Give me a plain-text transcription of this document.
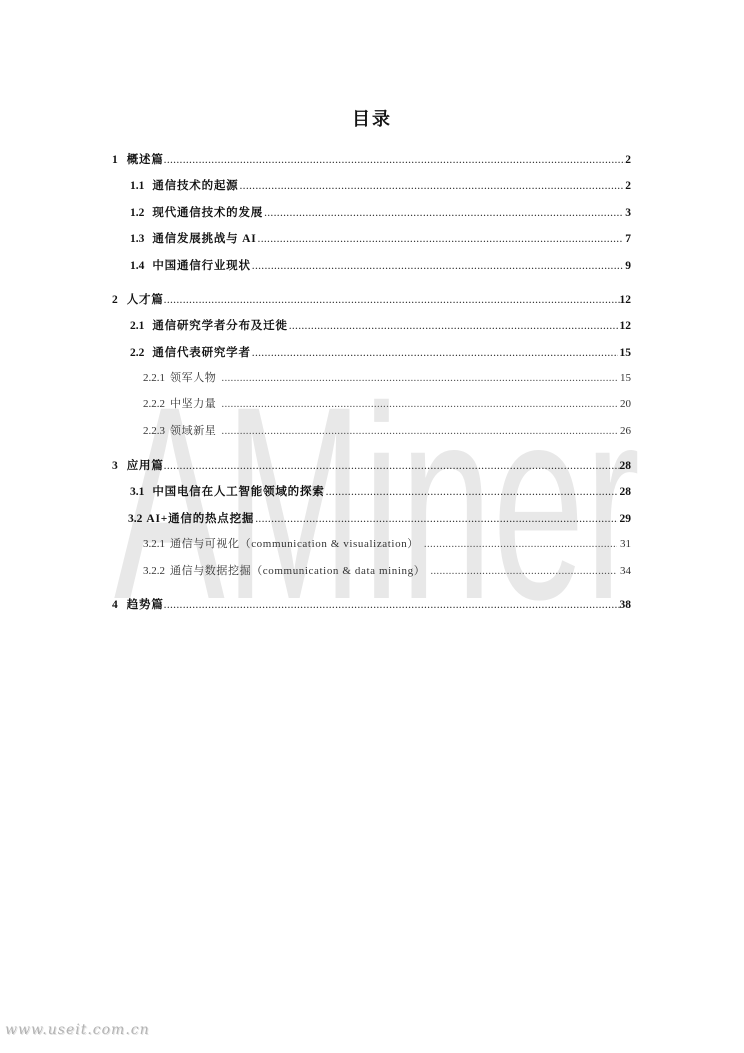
AMiner
目录
1 概述篇 .....	2
1.1 通信技术的起源 .....	2
1.2 现代通信技术的发展 .....	3
1.3 通信发展挑战与 AI .....	7
1.4 中国通信行业现状 .....	9
2 人才篇 .....	12
2.1 通信研究学者分布及迁徙 .....	12
2.2 通信代表研究学者 .....	15
2.2.1 领军人物 .....	15
2.2.2 中坚力量 .....	20
2.2.3 领域新星 .....	26
3 应用篇 .....	28
3.1 中国电信在人工智能领域的探索 .....	28
3.2 AI+通信的热点挖掘 .....	29
3.2.1 通信与可视化（communication & visualization） .....	31
3.2.2 通信与数据挖掘（communication & data mining） .....	34
4 趋势篇 .....	38
www.useit.com.cn
